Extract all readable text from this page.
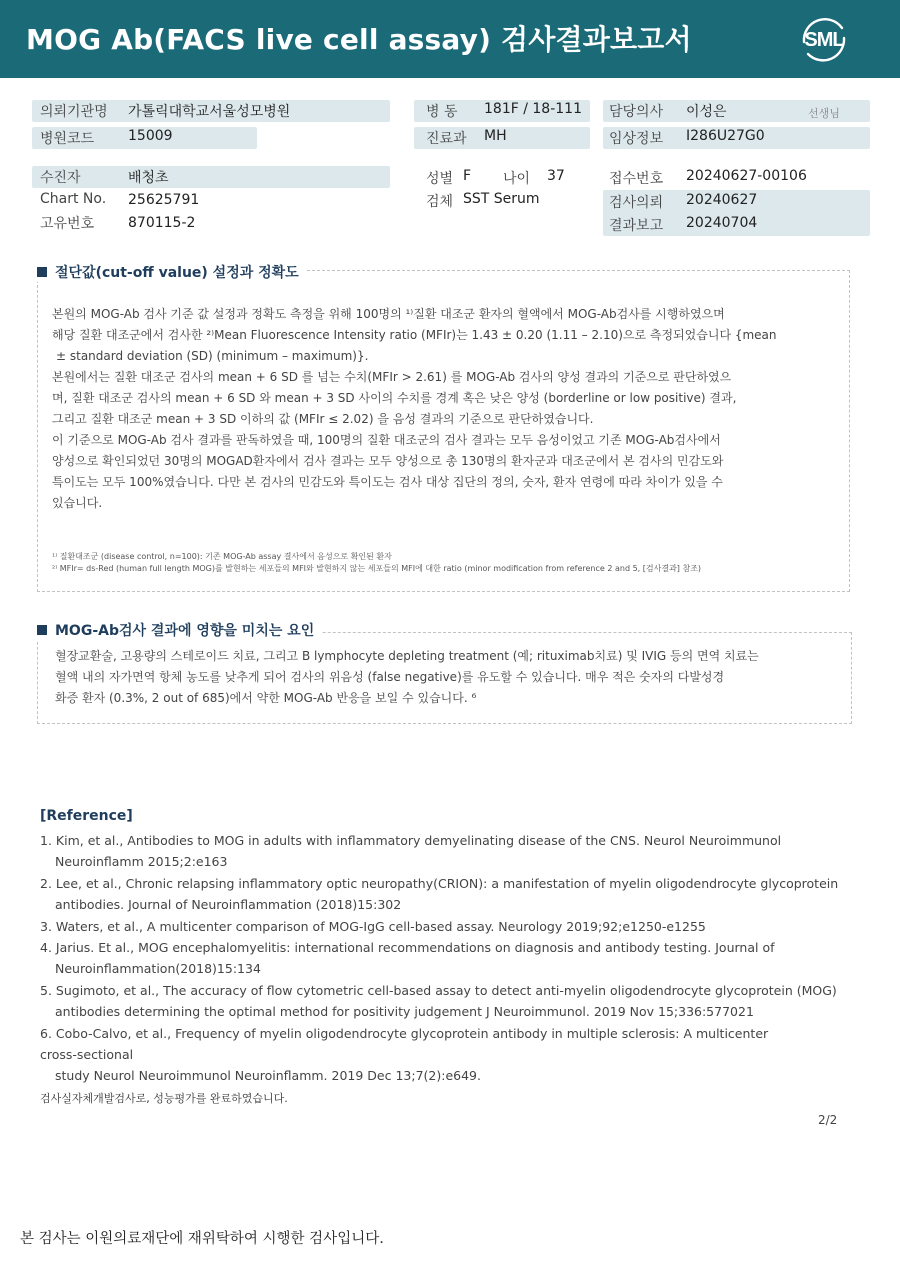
MOG Ab(FACS live cell assay) 검사결과보고서	SML
의뢰기관명 가톨릭대학교서울성모병원
병원코드 15009
병 동 181F / 18-111
진료과 MH
담당의사 이성은	선생님
임상정보 I286U27G0
수진자	배청초
Chart No. 25625791
고유번호 870115-2
성별 F 나이 37
검체 SST Serum
접수번호 20240627-00106
검사의뢰 20240627
결과보고 20240704
절단값(cut-off value) 설정과 정확도

본원의 MOG-Ab 검사 기준 값 설정과 정확도 측정을 위해 100명의 ¹⁾질환 대조군 환자의 혈액에서 MOG-Ab검사를 시행하였으며

해당 질환 대조군에서 검사한 ²⁾Mean Fluorescence Intensity ratio (MFIr)는 1.43 ± 0.20 (1.11 – 2.10)으로 측정되었습니다 {mean

± standard deviation (SD) (minimum – maximum)}.

본원에서는 질환 대조군 검사의 mean + 6 SD 를 넘는 수치(MFIr > 2.61) 를 MOG-Ab 검사의 양성 결과의 기준으로 판단하였으

며, 질환 대조군 검사의 mean + 6 SD 와 mean + 3 SD 사이의 수치를 경계 혹은 낮은 양성 (borderline or low positive) 결과,

그리고 질환 대조군 mean + 3 SD 이하의 값 (MFIr ≤ 2.02) 을 음성 결과의 기준으로 판단하였습니다.

이 기준으로 MOG-Ab 검사 결과를 판독하였을 때, 100명의 질환 대조군의 검사 결과는 모두 음성이었고 기존 MOG-Ab검사에서

양성으로 확인되었던 30명의 MOGAD환자에서 검사 결과는 모두 양성으로 총 130명의 환자군과 대조군에서 본 검사의 민감도와

특이도는 모두 100%였습니다. 다만 본 검사의 민감도와 특이도는 검사 대상 집단의 정의, 숫자, 환자 연령에 따라 차이가 있을 수

있습니다.

¹⁾ 질환대조군 (disease control, n=100): 기존 MOG-Ab assay 결사에서 음성으로 확인된 환자
²⁾ MFIr= ds-Red (human full length MOG)를 발현하는 세포들의 MFI와 발현하지 않는 세포들의 MFI에 대한 ratio (minor modification from reference 2 and 5, [검사결과] 참조)
MOG-Ab검사 결과에 영향을 미치는 요인

혈장교환술, 고용량의 스테로이드 치료, 그리고 B lymphocyte depleting treatment (예; rituximab치료) 및 IVIG 등의 면역 치료는

혈액 내의 자가면역 항체 농도를 낮추게 되어 검사의 위음성 (false negative)를 유도할 수 있습니다. 매우 적은 숫자의 다발성경

화증 환자 (0.3%, 2 out of 685)에서 약한 MOG-Ab 반응을 보일 수 있습니다. ⁶

[Reference]
1. Kim, et al., Antibodies to MOG in adults with inflammatory demyelinating disease of the CNS. Neurol Neuroimmunol
Neuroinflamm 2015;2:e163
2. Lee, et al., Chronic relapsing inflammatory optic neuropathy(CRION): a manifestation of myelin oligodendrocyte glycoprotein
antibodies. Journal of Neuroinflammation (2018)15:302
3. Waters, et al., A multicenter comparison of MOG-IgG cell-based assay. Neurology 2019;92;e1250-e1255
4. Jarius. Et al., MOG encephalomyelitis: international recommendations on diagnosis and antibody testing. Journal of
Neuroinflammation(2018)15:134
5. Sugimoto, et al., The accuracy of flow cytometric cell-based assay to detect anti-myelin oligodendrocyte glycoprotein (MOG)
antibodies determining the optimal method for positivity judgement J Neuroimmunol. 2019 Nov 15;336:577021
6. Cobo-Calvo, et al., Frequency of myelin oligodendrocyte glycoprotein antibody in multiple sclerosis: A multicenter
cross-sectional
study Neurol Neuroimmunol Neuroinflamm. 2019 Dec 13;7(2):e649.
검사실자체개발검사로, 성능평가를 완료하였습니다.
2/2
본 검사는 이원의료재단에 재위탁하여 시행한 검사입니다.
